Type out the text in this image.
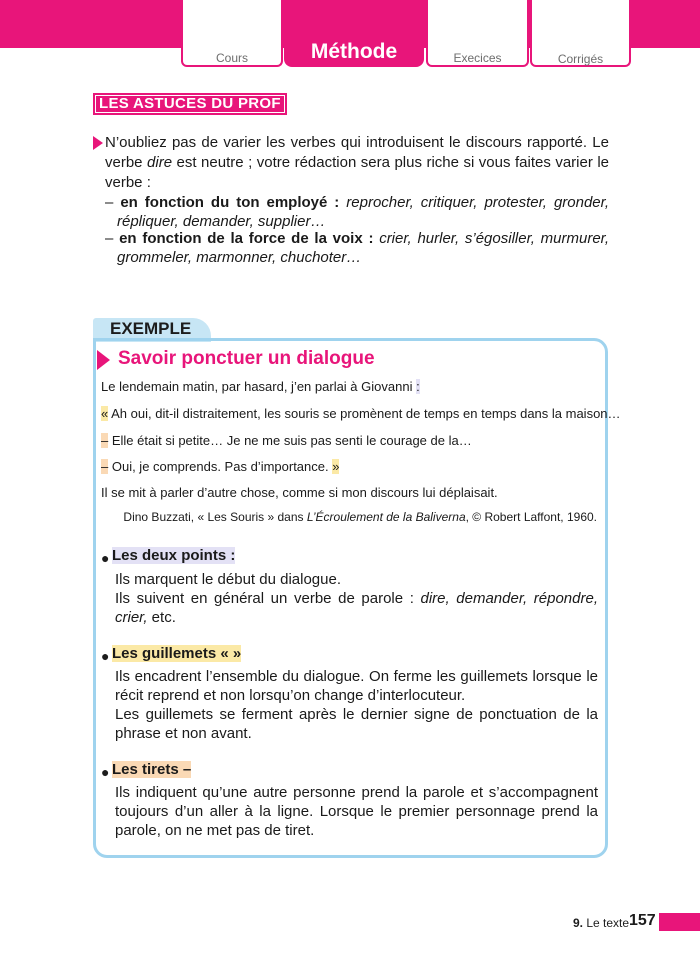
Cours	Execices	Corrigés
Méthode
LES ASTUCES DU PROF
N’oubliez pas de varier les verbes qui introduisent le discours rapporté. Le verbe dire est neutre ; votre rédaction sera plus riche si vous faites varier le verbe :
– en fonction du ton employé : reprocher, critiquer, protester, gronder, répliquer, demander, supplier…
– en fonction de la force de la voix : crier, hurler, s’égosiller, murmurer, grommeler, marmonner, chuchoter…
EXEMPLE
Savoir ponctuer un dialogue
Le lendemain matin, par hasard, j’en parlai à Giovanni :
« Ah oui, dit-il distraitement, les souris se promènent de temps en temps dans la maison…
– Elle était si petite… Je ne me suis pas senti le courage de la…
– Oui, je comprends. Pas d’importance. »
Il se mit à parler d’autre chose, comme si mon discours lui déplaisait.
Dino Buzzati, « Les Souris » dans L’Écroulement de la Baliverna, © Robert Laffont, 1960.
● Les deux points :
Ils marquent le début du dialogue.
Ils suivent en général un verbe de parole : dire, demander, répondre, crier, etc.
● Les guillemets « »
Ils encadrent l’ensemble du dialogue. On ferme les guillemets lorsque le récit reprend et non lorsqu’on change d’interlocuteur.
Les guillemets se ferment après le dernier signe de ponctuation de la phrase et non avant.
● Les tirets –
Ils indiquent qu’une autre personne prend la parole et s’accompagnent toujours d’un aller à la ligne. Lorsque le premier personnage prend la parole, on ne met pas de tiret.
9. Le texte 157
